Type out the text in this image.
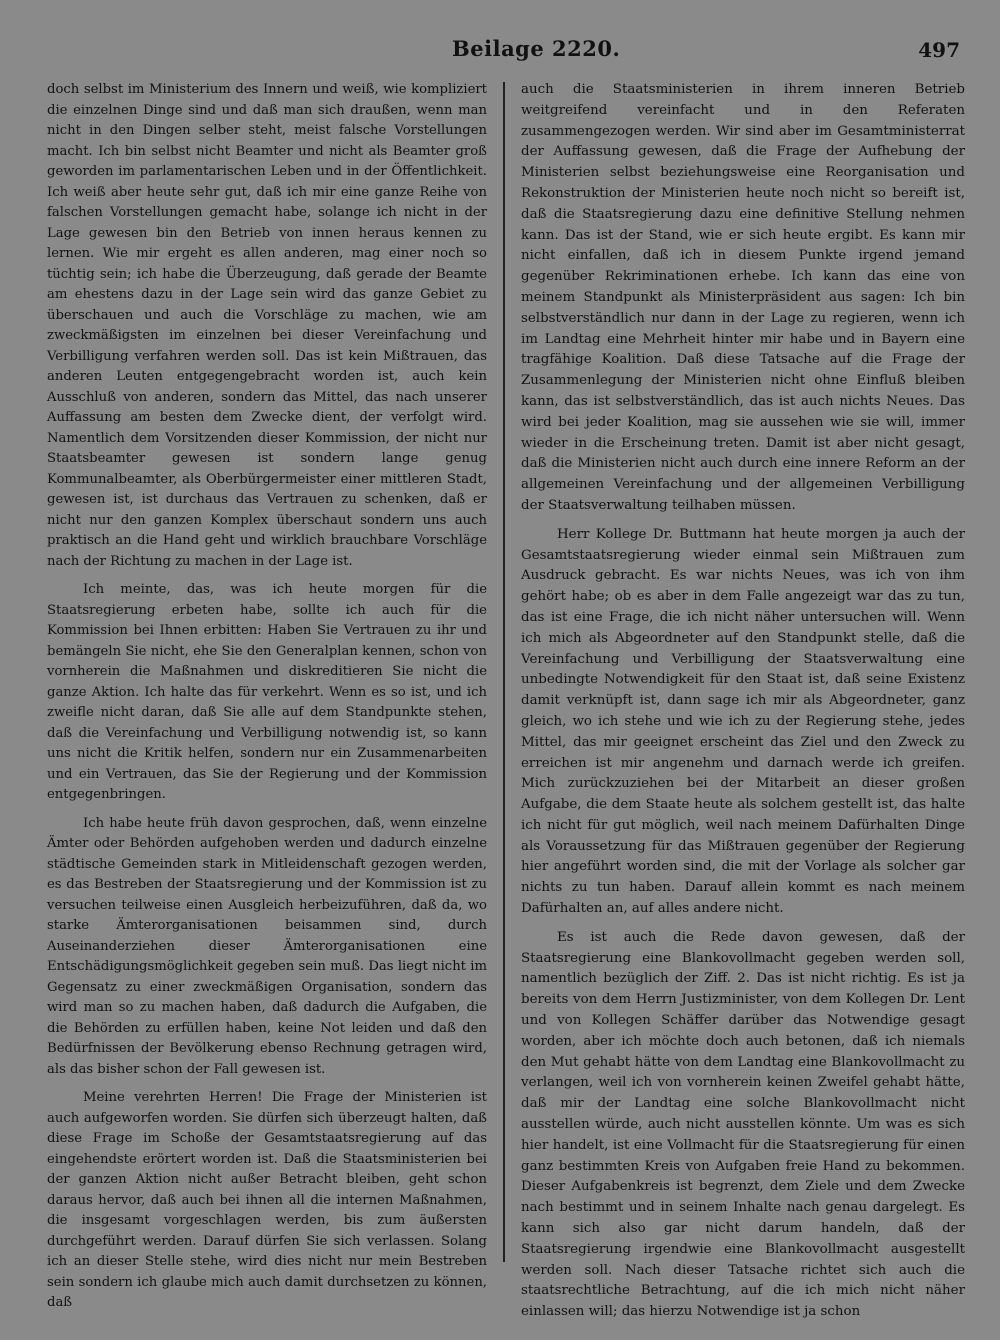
Beilage 2220.	497

doch selbst im Ministerium des Innern und weiß, wie kompliziert die einzelnen Dinge sind und daß man sich draußen, wenn man nicht in den Dingen selber steht, meist falsche Vorstellungen macht. Ich bin selbst nicht Beamter und nicht als Beamter groß geworden im parlamentarischen Leben und in der Öffentlichkeit. Ich weiß aber heute sehr gut, daß ich mir eine ganze Reihe von falschen Vorstellungen gemacht habe, solange ich nicht in der Lage gewesen bin den Betrieb von innen heraus kennen zu lernen. Wie mir ergeht es allen anderen, mag einer noch so tüchtig sein; ich habe die Überzeugung, daß gerade der Beamte am ehestens dazu in der Lage sein wird das ganze Gebiet zu überschauen und auch die Vorschläge zu machen, wie am zweckmäßigsten im einzelnen bei dieser Vereinfachung und Verbilligung verfahren werden soll. Das ist kein Mißtrauen, das anderen Leuten entgegengebracht worden ist, auch kein Ausschluß von anderen, sondern das Mittel, das nach unserer Auffassung am besten dem Zwecke dient, der verfolgt wird. Namentlich dem Vorsitzenden dieser Kommission, der nicht nur Staatsbeamter gewesen ist sondern lange genug Kommunalbeamter, als Oberbürgermeister einer mittleren Stadt, gewesen ist, ist durchaus das Vertrauen zu schenken, daß er nicht nur den ganzen Komplex überschaut sondern uns auch praktisch an die Hand geht und wirklich brauchbare Vorschläge nach der Richtung zu machen in der Lage ist.

Ich meinte, das, was ich heute morgen für die Staatsregierung erbeten habe, sollte ich auch für die Kommission bei Ihnen erbitten: Haben Sie Vertrauen zu ihr und bemängeln Sie nicht, ehe Sie den Generalplan kennen, schon von vornherein die Maßnahmen und diskreditieren Sie nicht die ganze Aktion. Ich halte das für verkehrt. Wenn es so ist, und ich zweifle nicht daran, daß Sie alle auf dem Standpunkte stehen, daß die Vereinfachung und Verbilligung notwendig ist, so kann uns nicht die Kritik helfen, sondern nur ein Zusammenarbeiten und ein Vertrauen, das Sie der Regierung und der Kommission entgegenbringen.

Ich habe heute früh davon gesprochen, daß, wenn einzelne Ämter oder Behörden aufgehoben werden und dadurch einzelne städtische Gemeinden stark in Mitleidenschaft gezogen werden, es das Bestreben der Staatsregierung und der Kommission ist zu versuchen teilweise einen Ausgleich herbeizuführen, daß da, wo starke Ämterorganisationen beisammen sind, durch Auseinanderziehen dieser Ämterorganisationen eine Entschädigungsmöglichkeit gegeben sein muß. Das liegt nicht im Gegensatz zu einer zweckmäßigen Organisation, sondern das wird man so zu machen haben, daß dadurch die Aufgaben, die die Behörden zu erfüllen haben, keine Not leiden und daß den Bedürfnissen der Bevölkerung ebenso Rechnung getragen wird, als das bisher schon der Fall gewesen ist.

Meine verehrten Herren! Die Frage der Ministerien ist auch aufgeworfen worden. Sie dürfen sich überzeugt halten, daß diese Frage im Schoße der Gesamtstaatsregierung auf das eingehendste erörtert worden ist. Daß die Staatsministerien bei der ganzen Aktion nicht außer Betracht bleiben, geht schon daraus hervor, daß auch bei ihnen all die internen Maßnahmen, die insgesamt vorgeschlagen werden, bis zum äußersten durchgeführt werden. Darauf dürfen Sie sich verlassen. Solang ich an dieser Stelle stehe, wird dies nicht nur mein Bestreben sein sondern ich glaube mich auch damit durchsetzen zu können, daß

auch die Staatsministerien in ihrem inneren Betrieb weitgreifend vereinfacht und in den Referaten zusammengezogen werden. Wir sind aber im Gesamtministerrat der Auffassung gewesen, daß die Frage der Aufhebung der Ministerien selbst beziehungsweise eine Reorganisation und Rekonstruktion der Ministerien heute noch nicht so bereift ist, daß die Staatsregierung dazu eine definitive Stellung nehmen kann. Das ist der Stand, wie er sich heute ergibt. Es kann mir nicht einfallen, daß ich in diesem Punkte irgend jemand gegenüber Rekriminationen erhebe. Ich kann das eine von meinem Standpunkt als Ministerpräsident aus sagen: Ich bin selbstverständlich nur dann in der Lage zu regieren, wenn ich im Landtag eine Mehrheit hinter mir habe und in Bayern eine tragfähige Koalition. Daß diese Tatsache auf die Frage der Zusammenlegung der Ministerien nicht ohne Einfluß bleiben kann, das ist selbstverständlich, das ist auch nichts Neues. Das wird bei jeder Koalition, mag sie aussehen wie sie will, immer wieder in die Erscheinung treten. Damit ist aber nicht gesagt, daß die Ministerien nicht auch durch eine innere Reform an der allgemeinen Vereinfachung und der allgemeinen Verbilligung der Staatsverwaltung teilhaben müssen.

Herr Kollege Dr. Buttmann hat heute morgen ja auch der Gesamtstaatsregierung wieder einmal sein Mißtrauen zum Ausdruck gebracht. Es war nichts Neues, was ich von ihm gehört habe; ob es aber in dem Falle angezeigt war das zu tun, das ist eine Frage, die ich nicht näher untersuchen will. Wenn ich mich als Abgeordneter auf den Standpunkt stelle, daß die Vereinfachung und Verbilligung der Staatsverwaltung eine unbedingte Notwendigkeit für den Staat ist, daß seine Existenz damit verknüpft ist, dann sage ich mir als Abgeordneter, ganz gleich, wo ich stehe und wie ich zu der Regierung stehe, jedes Mittel, das mir geeignet erscheint das Ziel und den Zweck zu erreichen ist mir angenehm und darnach werde ich greifen. Mich zurückzuziehen bei der Mitarbeit an dieser großen Aufgabe, die dem Staate heute als solchem gestellt ist, das halte ich nicht für gut möglich, weil nach meinem Dafürhalten Dinge als Voraussetzung für das Mißtrauen gegenüber der Regierung hier angeführt worden sind, die mit der Vorlage als solcher gar nichts zu tun haben. Darauf allein kommt es nach meinem Dafürhalten an, auf alles andere nicht.

Es ist auch die Rede davon gewesen, daß der Staatsregierung eine Blankovollmacht gegeben werden soll, namentlich bezüglich der Ziff. 2. Das ist nicht richtig. Es ist ja bereits von dem Herrn Justizminister, von dem Kollegen Dr. Lent und von Kollegen Schäffer darüber das Notwendige gesagt worden, aber ich möchte doch auch betonen, daß ich niemals den Mut gehabt hätte von dem Landtag eine Blankovollmacht zu verlangen, weil ich von vornherein keinen Zweifel gehabt hätte, daß mir der Landtag eine solche Blankovollmacht nicht ausstellen würde, auch nicht ausstellen könnte. Um was es sich hier handelt, ist eine Vollmacht für die Staatsregierung für einen ganz bestimmten Kreis von Aufgaben freie Hand zu bekommen. Dieser Aufgabenkreis ist begrenzt, dem Ziele und dem Zwecke nach bestimmt und in seinem Inhalte nach genau dargelegt. Es kann sich also gar nicht darum handeln, daß der Staatsregierung irgendwie eine Blankovollmacht ausgestellt werden soll. Nach dieser Tatsache richtet sich auch die staatsrechtliche Betrachtung, auf die ich mich nicht näher einlassen will; das hierzu Notwendige ist ja schon
